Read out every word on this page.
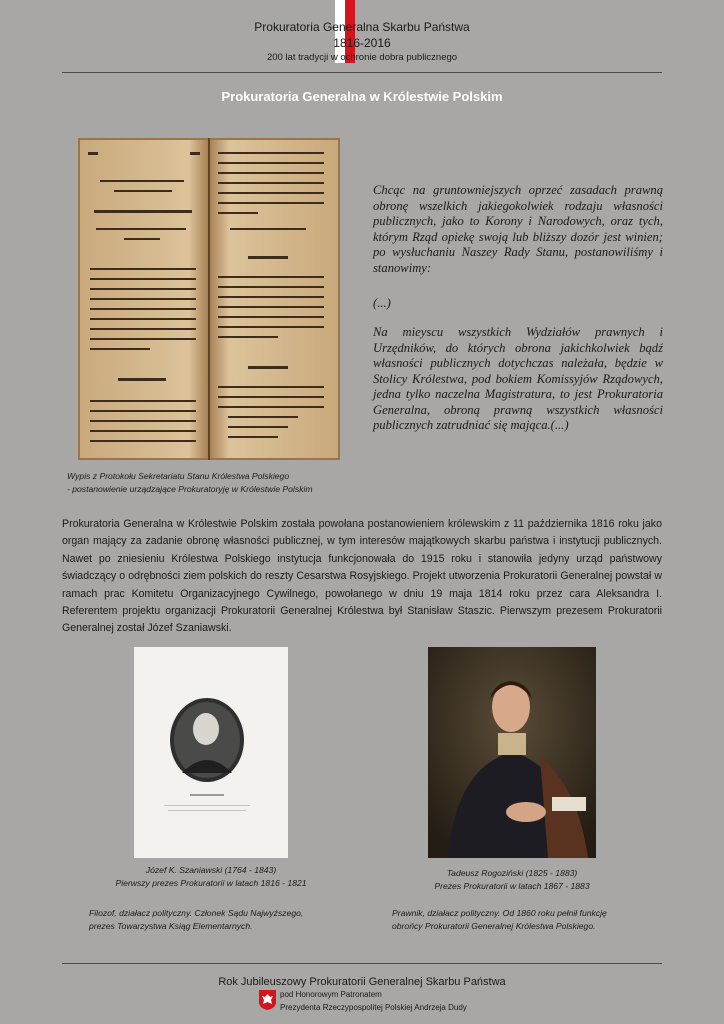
Prokuratoria Generalna Skarbu Państwa
1816-2016
200 lat tradycji w ochronie dobra publicznego
Prokuratoria Generalna w Królestwie Polskim
Wypis z Protokołu Sekretariatu Stanu Królestwa Polskiego
- postanowienie urządzające Prokuratoryję w Królestwie Polskim
Chcąc na gruntowniejszych oprzeć zasadach prawną obronę wszelkich jakiegokolwiek rodzaju własności publicznych, jako to Korony i Narodowych, oraz tych, którym Rząd opiekę swoją lub bliższy dozór jest winien; po wysłuchaniu Naszey Rady Stanu, postanowiliśmy i stanowimy:
(...)
Na mieyscu wszystkich Wydziałów prawnych i Urzędników, do których obrona jakichkolwiek bądź własności publicznych dotychczas należała, będzie w Stolicy Królestwa, pod bokiem Komissyjów Rządowych, jedna tylko naczelna Magistratura, to jest Prokuratoria Generalna, obroną prawną wszystkich własności publicznych zatrudniać się mająca.(...)
Prokuratoria Generalna w Królestwie Polskim została powołana postanowieniem królewskim z 11 października 1816 roku jako organ mający za zadanie obronę własności publicznej, w tym interesów majątkowych skarbu państwa i instytucji publicznych. Nawet po zniesieniu Królestwa Polskiego instytucja funkcjonowała do 1915 roku i stanowiła jedyny urząd państwowy świadczący o odrębności ziem polskich do reszty Cesarstwa Rosyjskiego. Projekt utworzenia Prokuratorii Generalnej powstał w ramach prac Komitetu Organizacyjnego Cywilnego, powołanego w dniu 19 maja 1814 roku przez cara Aleksandra I. Referentem projektu organizacji Prokuratorii Generalnej Królestwa był Stanisław Staszic. Pierwszym prezesem Prokuratorii Generalnej został Józef Szaniawski.
Józef K. Szaniawski (1764 - 1843)
Pierwszy prezes Prokuratorii w latach 1816 - 1821
Tadeusz Rogoziński (1825 - 1883)
Prezes Prokuratorii w latach 1867 - 1883
Filozof, działacz polityczny. Członek Sądu Najwyższego,
prezes Towarzystwa Ksiąg Elementarnych.
Prawnik, działacz polityczny. Od 1860 roku pełnił funkcję
obrońcy Prokuratorii Generalnej Królestwa Polskiego.
Rok Jubileuszowy Prokuratorii Generalnej Skarbu Państwa
pod Honorowym Patronatem
Prezydenta Rzeczypospolitej Polskiej Andrzeja Dudy
